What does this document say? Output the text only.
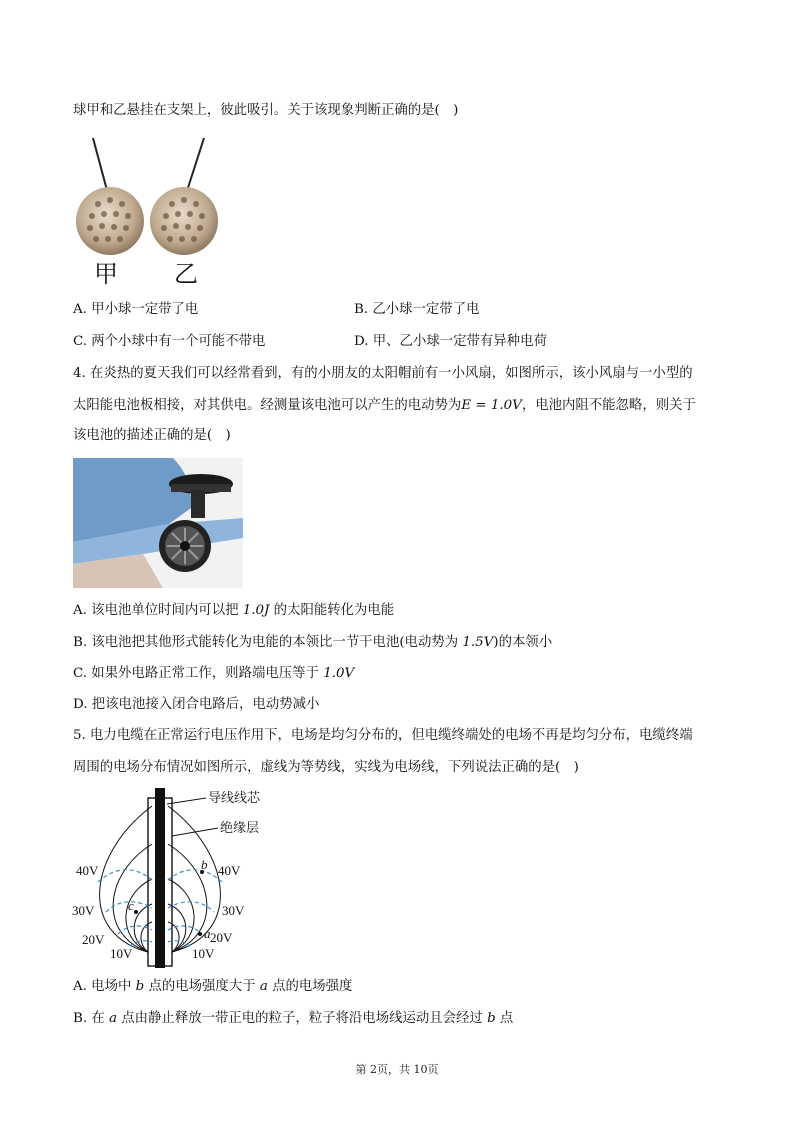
球甲和乙悬挂在支架上，彼此吸引。关于该现象判断正确的是(　)
甲 乙
A. 甲小球一定带了电	B. 乙小球一定带了电
C. 两个小球中有一个可能不带电	D. 甲、乙小球一定带有异种电荷
4. 在炎热的夏天我们可以经常看到，有的小朋友的太阳帽前有一小风扇，如图所示，该小风扇与一小型的
太阳能电池板相接，对其供电。经测量该电池可以产生的电动势为E = 1.0V，电池内阻不能忽略，则关于
该电池的描述正确的是(　)
A. 该电池单位时间内可以把 1.0J 的太阳能转化为电能
B. 该电池把其他形式能转化为电能的本领比一节干电池(电动势为 1.5V)的本领小
C. 如果外电路正常工作，则路端电压等于 1.0V
D. 把该电池接入闭合电路后，电动势减小
5. 电力电缆在正常运行电压作用下，电场是均匀分布的，但电缆终端处的电场不再是均匀分布，电缆终端
周围的电场分布情况如图所示，虚线为等势线，实线为电场线，下列说法正确的是(　)
导线线芯
绝缘层
b
c
a
40V
30V
20V
10V
40V
30V
20V
10V
A. 电场中 b 点的电场强度大于 a 点的电场强度
B. 在 a 点由静止释放一带正电的粒子，粒子将沿电场线运动且会经过 b 点
第 2页，共 10页
